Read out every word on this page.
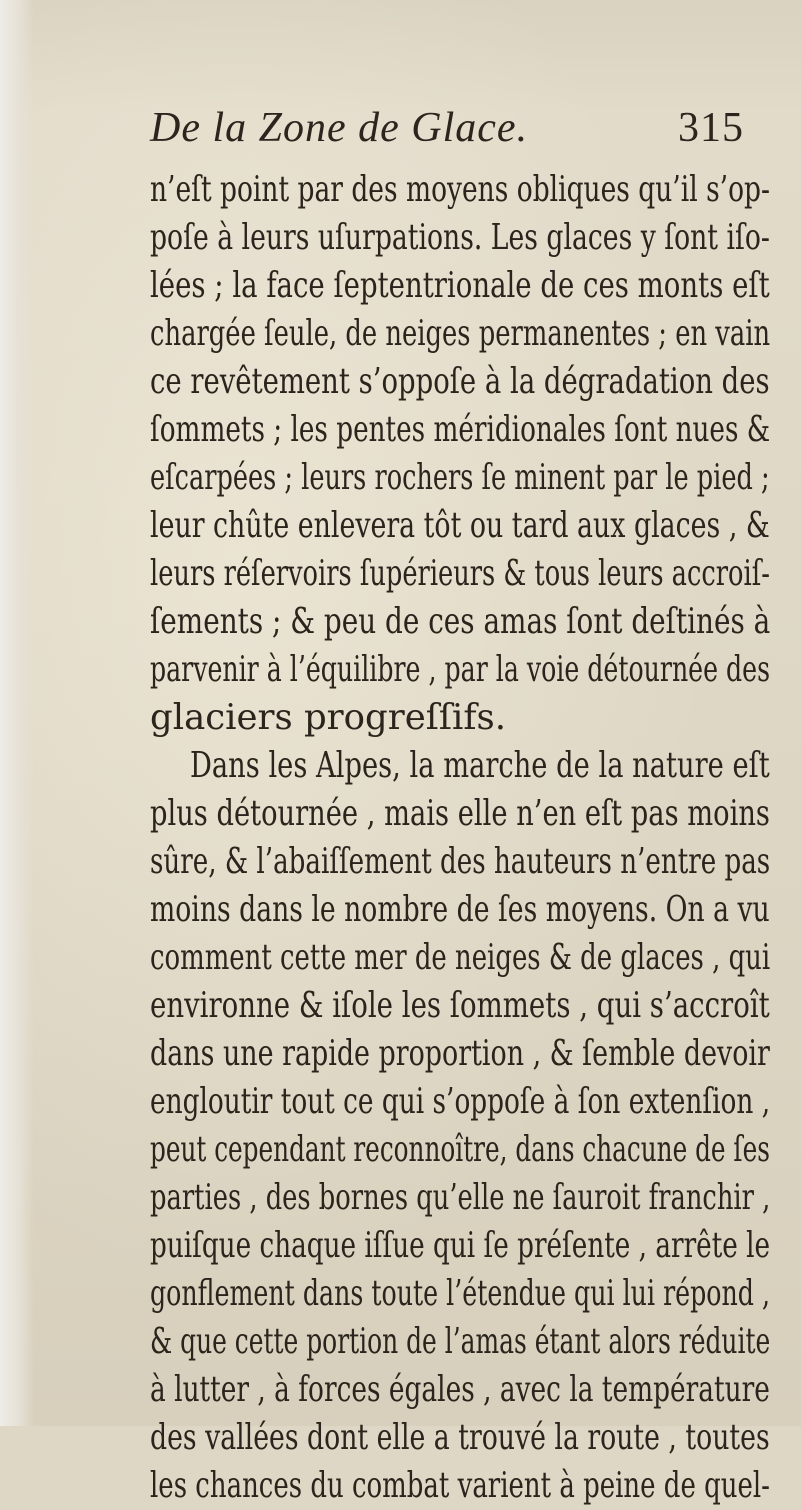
De la Zone de Glace.	315
n’eſt point par des moyens obliques qu’il s’op-
poſe à leurs uſurpations. Les glaces y ſont iſo-
lées ; la face ſeptentrionale de ces monts eſt
chargée ſeule, de neiges permanentes ; en vain
ce revêtement s’oppoſe à la dégradation des
ſommets ; les pentes méridionales ſont nues &
eſcarpées ; leurs rochers ſe minent par le pied ;
leur chûte enlevera tôt ou tard aux glaces , &
leurs réſervoirs ſupérieurs & tous leurs accroiſ-
ſements ; & peu de ces amas ſont deſtinés à
parvenir à l’équilibre , par la voie détournée des
glaciers progreſſifs.
Dans les Alpes, la marche de la nature eſt
plus détournée , mais elle n’en eſt pas moins
sûre, & l’abaiſſement des hauteurs n’entre pas
moins dans le nombre de ſes moyens. On a vu
comment cette mer de neiges & de glaces , qui
environne & iſole les ſommets , qui s’accroît
dans une rapide proportion , & ſemble devoir
engloutir tout ce qui s’oppoſe à ſon extenſion ,
peut cependant reconnoître, dans chacune de ſes
parties , des bornes qu’elle ne ſauroit franchir ,
puiſque chaque iſſue qui ſe préſente , arrête le
gonflement dans toute l’étendue qui lui répond ,
& que cette portion de l’amas étant alors réduite
à lutter , à forces égales , avec la température
des vallées dont elle a trouvé la route , toutes
les chances du combat varient à peine de quel-
